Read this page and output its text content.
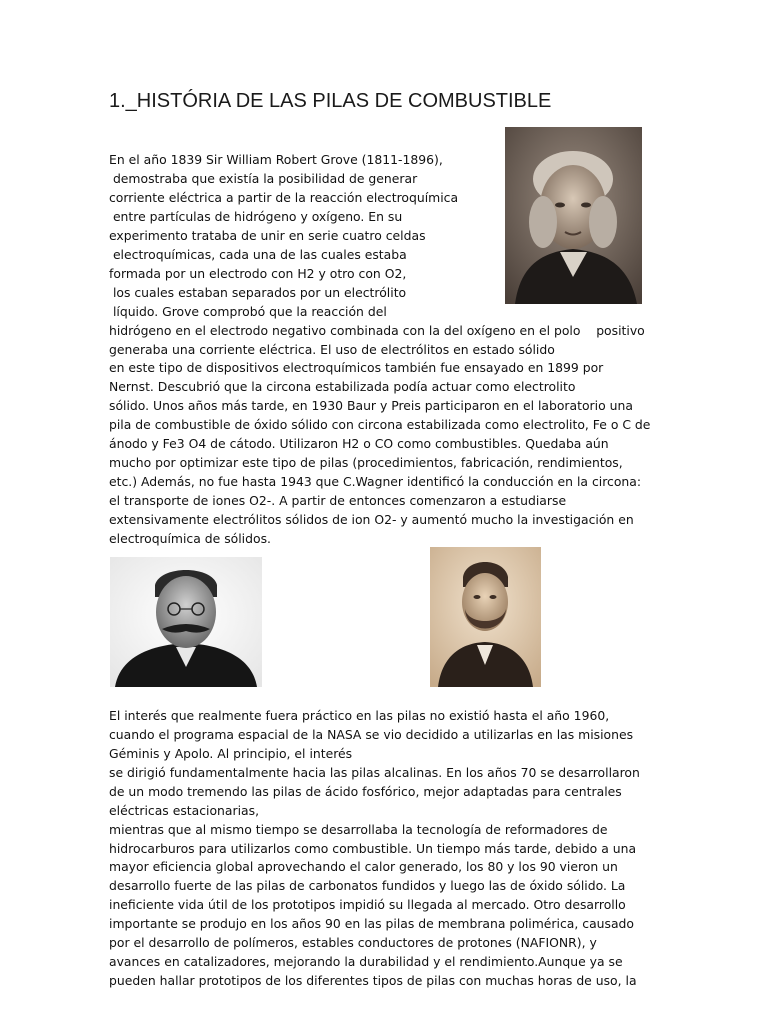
1._HISTÓRIA DE LAS PILAS DE COMBUSTIBLE
En el año 1839 Sir William Robert Grove (1811-1896),
demostraba que existía la posibilidad de generar
corriente eléctrica a partir de la reacción electroquímica
entre partículas de hidrógeno y oxígeno. En su
experimento trataba de unir en serie cuatro celdas
electroquímicas, cada una de las cuales estaba
formada por un electrodo con H2 y otro con O2,
los cuales estaban separados por un electrólito
líquido. Grove comprobó que la reacción del
hidrógeno en el electrodo negativo combinada con la del oxígeno en el polo    positivo
generaba una corriente eléctrica. El uso de electrólitos en estado sólido
en este tipo de dispositivos electroquímicos también fue ensayado en 1899 por
Nernst. Descubrió que la circona estabilizada podía actuar como electrolito
sólido. Unos años más tarde, en 1930 Baur y Preis participaron en el laboratorio una
pila de combustible de óxido sólido con circona estabilizada como electrolito, Fe o C de
ánodo y Fe3 O4 de cátodo. Utilizaron H2 o CO como combustibles. Quedaba aún
mucho por optimizar este tipo de pilas (procedimientos, fabricación, rendimientos,
etc.) Además, no fue hasta 1943 que C.Wagner identificó la conducción en la circona:
el transporte de iones O2-. A partir de entonces comenzaron a estudiarse
extensivamente electrólitos sólidos de ion O2- y aumentó mucho la investigación en
electroquímica de sólidos.
El interés que realmente fuera práctico en las pilas no existió hasta el año 1960,
cuando el programa espacial de la NASA se vio decidido a utilizarlas en las misiones
Géminis y Apolo. Al principio, el interés
se dirigió fundamentalmente hacia las pilas alcalinas. En los años 70 se desarrollaron
de un modo tremendo las pilas de ácido fosfórico, mejor adaptadas para centrales
eléctricas estacionarias,
mientras que al mismo tiempo se desarrollaba la tecnología de reformadores de
hidrocarburos para utilizarlos como combustible. Un tiempo más tarde, debido a una
mayor eficiencia global aprovechando el calor generado, los 80 y los 90 vieron un
desarrollo fuerte de las pilas de carbonatos fundidos y luego las de óxido sólido. La
ineficiente vida útil de los prototipos impidió su llegada al mercado. Otro desarrollo
importante se produjo en los años 90 en las pilas de membrana polimérica, causado
por el desarrollo de polímeros, estables conductores de protones (NAFIONR), y
avances en catalizadores, mejorando la durabilidad y el rendimiento.Aunque ya se
pueden hallar prototipos de los diferentes tipos de pilas con muchas horas de uso, la
